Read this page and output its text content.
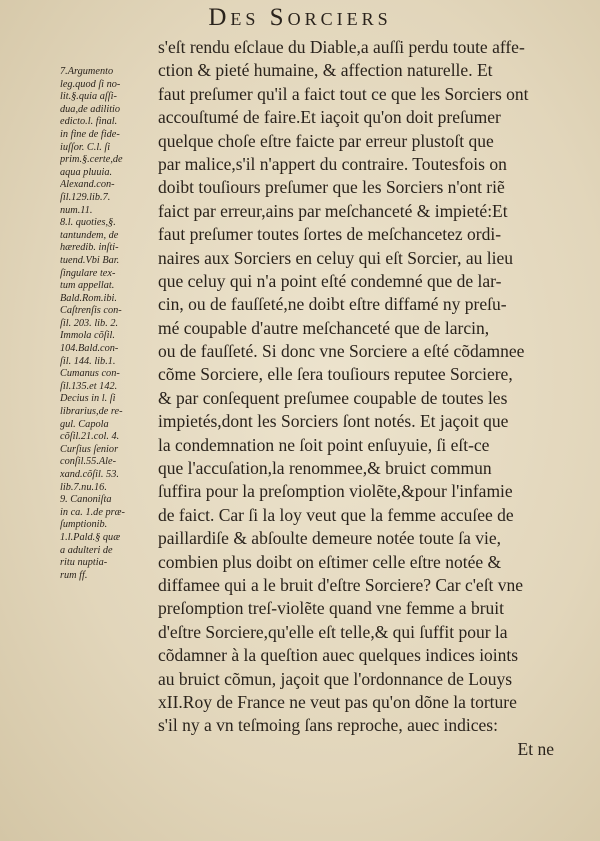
Des Sorciers
7.Argumento
leg.quod ſi no-
lit.§.quia aſſi-
dua,de adilitio
edicto.l. final.
in fine de fide-
iuſſor. C.l. ſi
prim.§.certe,de
aqua pluuia.
Alexand.con-
ſil.129.lib.7.
num.11.
8.l. quoties,§.
tantundem, de
hæredib. inſti-
tuend.Vbi Bar.
ſingulare tex-
tum appellat.
Bald.Rom.ibi.
Caſtrenſis con-
ſil. 203. lib. 2.
Immola cõſil.
104.Bald.con-
ſil. 144. lib.1.
Cumanus con-
ſil.135.et 142.
Decius in l. ſi
librarius,de re-
gul. Capola
cõſil.21.col. 4.
Curſius ſenior
conſil.55.Ale-
xand.cõſil. 53.
lib.7.nu.16.
9. Canoniſta
in ca. 1.de præ-
ſumptionib.
1.l.Pald.§ quæ
a adulteri de
ritu nuptia-
rum ff.
s'eſt rendu eſclaue du Diable,a auſſi perdu toute affe-
ction & pieté humaine, & affection naturelle. Et
faut preſumer qu'il a faict tout ce que les Sorciers ont
accouſtumé de faire.Et iaçoit qu'on doit preſumer
quelque choſe eſtre faicte par erreur plustoſt que
par malice,s'il n'appert du contraire. Toutesfois on
doibt touſiours preſumer que les Sorciers n'ont riẽ
faict par erreur,ains par meſchanceté & impieté:Et
faut preſumer toutes ſortes de meſchancetez ordi-
naires aux Sorciers en celuy qui eſt Sorcier, au lieu
que celuy qui n'a point eſté condemné que de lar-
cin, ou de fauſſeté,ne doibt eſtre diffamé ny preſu-
mé coupable d'autre meſchanceté que de larcin,
ou de fauſſeté. Si donc vne Sorciere a eſté cõdamnee
cõme Sorciere, elle ſera touſiours reputee Sorciere,
& par conſequent preſumee coupable de toutes les
impietés,dont les Sorciers ſont notés. Et jaçoit que
la condemnation ne ſoit point enſuyuie, ſi eſt-ce
que l'accuſation,la renommee,& bruict commun
ſuffira pour la preſomption violẽte,&pour l'infamie
de faict. Car ſi la loy veut que la femme accuſee de
paillardiſe & abſoulte demeure notée toute ſa vie,
combien plus doibt on eſtimer celle eſtre notée &
diffamee qui a le bruit d'eſtre Sorciere? Car c'eſt vne
preſomption treſ-violẽte quand vne femme a bruit
d'eſtre Sorciere,qu'elle eſt telle,& qui ſuffit pour la
cõdamner à la queſtion auec quelques indices ioints
au bruict cõmun, jaçoit que l'ordonnance de Louys
xII.Roy de France ne veut pas qu'on dõne la torture
s'il ny a vn teſmoing ſans reproche, auec indices:
Et ne
